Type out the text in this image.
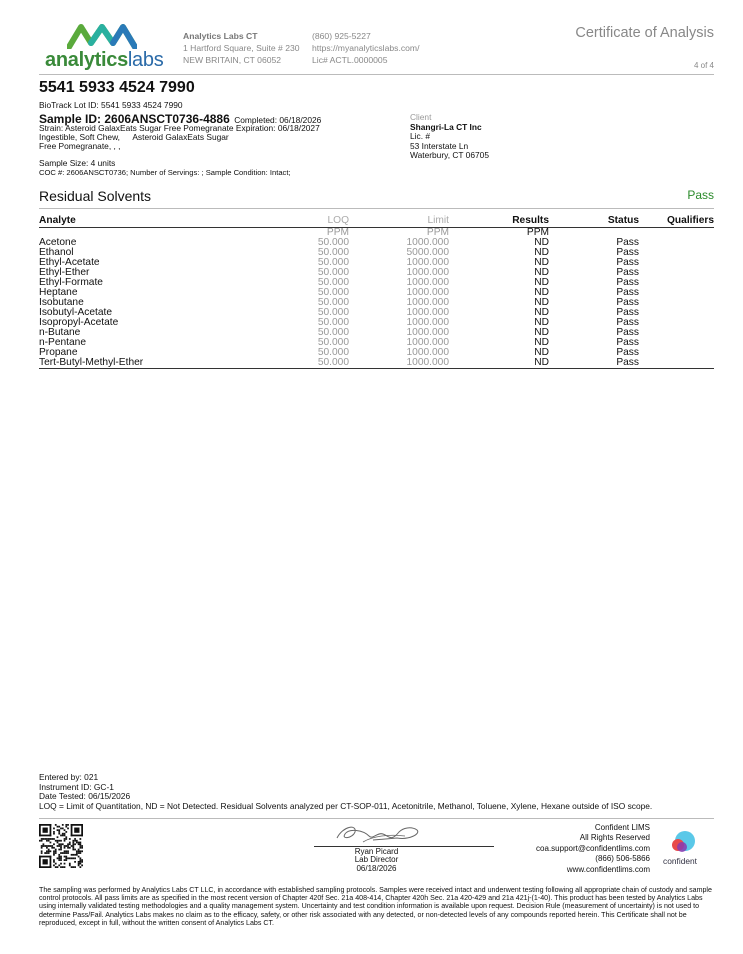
analyticslabs
Analytics Labs CT
1 Hartford Square, Suite # 230
NEW BRITAIN, CT 06052
(860) 925-5227
https://myanalyticslabs.com/
Lic# ACTL.0000005
Certificate of Analysis
4 of 4
5541 5933 4524 7990
BioTrack Lot ID: 5541 5933 4524 7990
Sample ID: 2606ANSCT0736-4886 Completed: 06/18/2026
Strain: Asteroid GalaxEats Sugar Free Pomegranate Expiration: 06/18/2027
Ingestible, Soft Chew, Asteroid GalaxEats Sugar
Free Pomegranate, , ,
Sample Size: 4 units
COC #: 2606ANSCT0736; Number of Servings: ; Sample Condition: Intact;
Client
Shangri-La CT Inc
Lic. #
53 Interstate Ln
Waterbury, CT 06705
Residual Solvents	Pass
Analyte	LOQ	Limit	Results	Status	Qualifiers
	PPM	PPM	PPM		
Acetone	50.000	1000.000	ND	Pass	
Ethanol	50.000	5000.000	ND	Pass	
Ethyl-Acetate	50.000	1000.000	ND	Pass	
Ethyl-Ether	50.000	1000.000	ND	Pass	
Ethyl-Formate	50.000	1000.000	ND	Pass	
Heptane	50.000	1000.000	ND	Pass	
Isobutane	50.000	1000.000	ND	Pass	
Isobutyl-Acetate	50.000	1000.000	ND	Pass	
Isopropyl-Acetate	50.000	1000.000	ND	Pass	
n-Butane	50.000	1000.000	ND	Pass	
n-Pentane	50.000	1000.000	ND	Pass	
Propane	50.000	1000.000	ND	Pass	
Tert-Butyl-Methyl-Ether	50.000	1000.000	ND	Pass	
Entered by: 021
Instrument ID: GC-1
Date Tested: 06/15/2026
LOQ = Limit of Quantitation, ND = Not Detected. Residual Solvents analyzed per CT-SOP-011, Acetonitrile, Methanol, Toluene, Xylene, Hexane outside of ISO scope.
Ryan Picard
Lab Director
06/18/2026
Confident LIMS
All Rights Reserved
coa.support@confidentlims.com
(866) 506-5866
www.confidentlims.com
confident
The sampling was performed by Analytics Labs CT LLC, in accordance with established sampling protocols. Samples were received intact and underwent testing following all appropriate chain of custody and sample control protocols. All pass limits are as specified in the most recent version of Chapter 420f Sec. 21a 408-414, Chapter 420h Sec. 21a 420-429 and 21a 421j-(1-40). This product has been tested by Analytics Labs using internally validated testing methodologies and a quality management system. Uncertainty and test condition information is available upon request. Decision Rule (measurement of uncertainty) is not used to determine Pass/Fail. Analytics Labs makes no claim as to the efficacy, safety, or other risk associated with any detected, or non-detected levels of any compounds reported herein. This Certificate shall not be reproduced, except in full, without the written consent of Analytics Labs CT.
